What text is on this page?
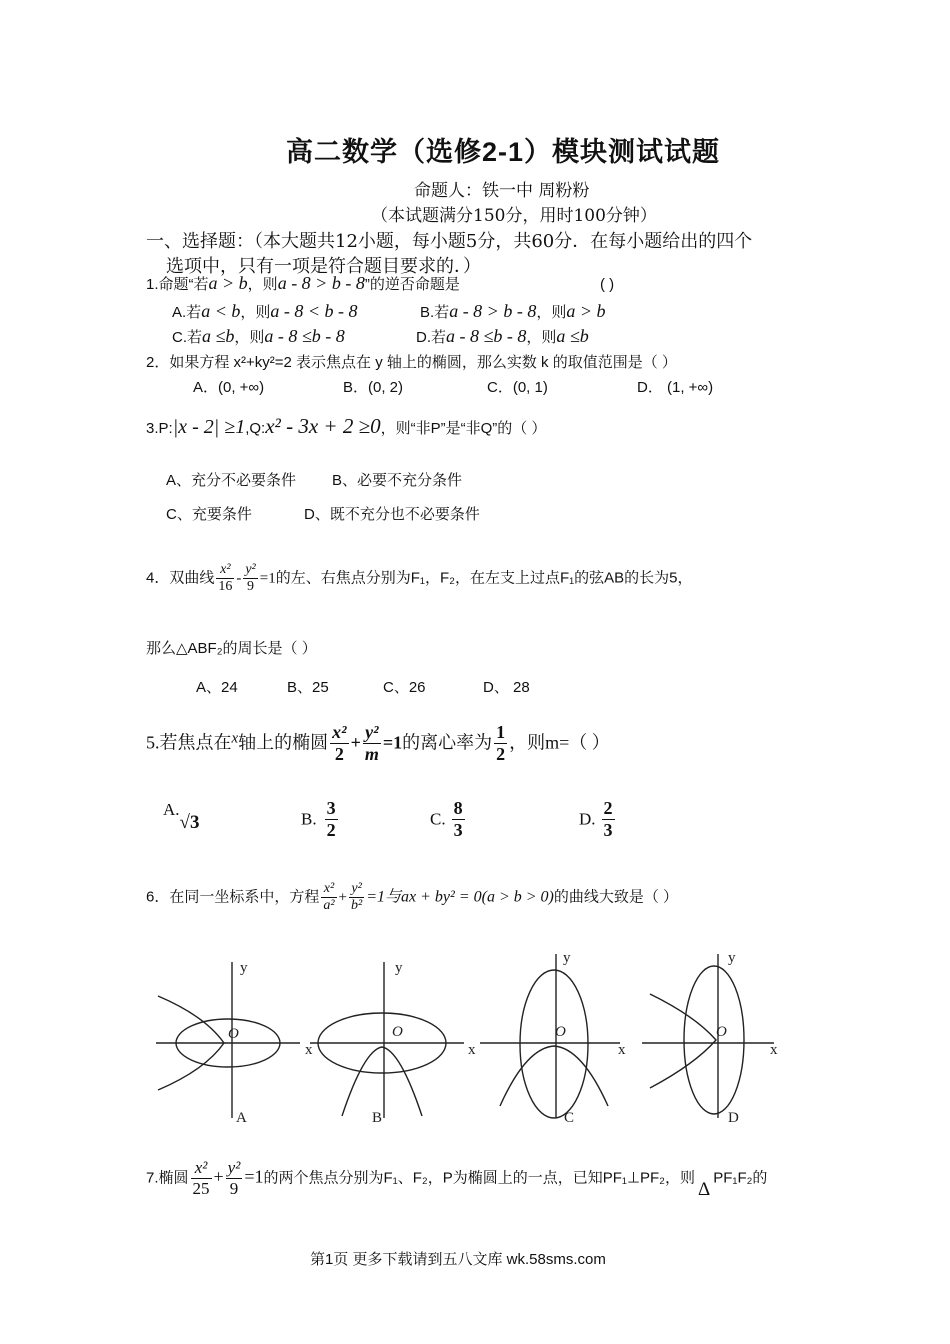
高二数学（选修2-1）模块测试试题
命题人：铁一中 周粉粉
（本试题满分150分，用时100分钟）
一、选择题：（本大题共12小题，每小题5分，共60分．在每小题给出的四个
选项中，只有一项是符合题目要求的．）
1.命题“若a > b，则a - 8 > b - 8”的逆否命题是	( )
A.若a < b，则a - 8 < b - 8	B.若a - 8 > b - 8，则a > b
C.若a ≤b，则a - 8 ≤b - 8	D.若a - 8 ≤b - 8，则a ≤b
2．如果方程 x²+ky²=2 表示焦点在 y 轴上的椭圆，那么实数 k 的取值范围是（ ）
A．(0, +∞)	B．(0, 2)	C．(0, 1)	D． (1, +∞)
3.P:|x - 2| ≥1,Q:x² - 3x + 2 ≥0，则“非P”是“非Q”的（ ）
A、充分不必要条件 B、必要不充分条件
C、充要条件	D、既不充分也不必要条件
4．双曲线 $\frac{\text{x²}}{16} - \frac{\text{y²}}{9} =1$的左、右焦点分别为F₁，F₂，在左支上过点F₁的弦AB的长为5，
那么△ABF₂的周长是（ ）
A、24	B、25	C、26	D、 28
5.若焦点在$^x$轴上的椭圆 $\frac{\text{x²}}{2} + \frac{\text{y²}}{m} =1$的离心率为 $\frac{1}{2}$ ，则m=（ ）
A.√3	B. $\frac{3}{2}$	C. $\frac{8}{3}$	D. $\frac{2}{3}$
6．在同一坐标系中，方程 $\frac{\text{x²}}{\text{a²}} + \frac{\text{y²}}{\text{b²}} =1$与ax + by² = 0(a > b > 0)的曲线大致是（ ）
y
x
O
A
y
x
O
B
y
x
O
C
y
x
O
D
7.椭圆 $\frac{\text{x²}}{25} + \frac{\text{y²}}{9} =1$的两个焦点分别为F₁、F₂，P为椭圆上的一点，已知PF₁⊥PF₂，则ΔPF₁F₂的
第1页 更多下载请到五八文库 wk.58sms.com
